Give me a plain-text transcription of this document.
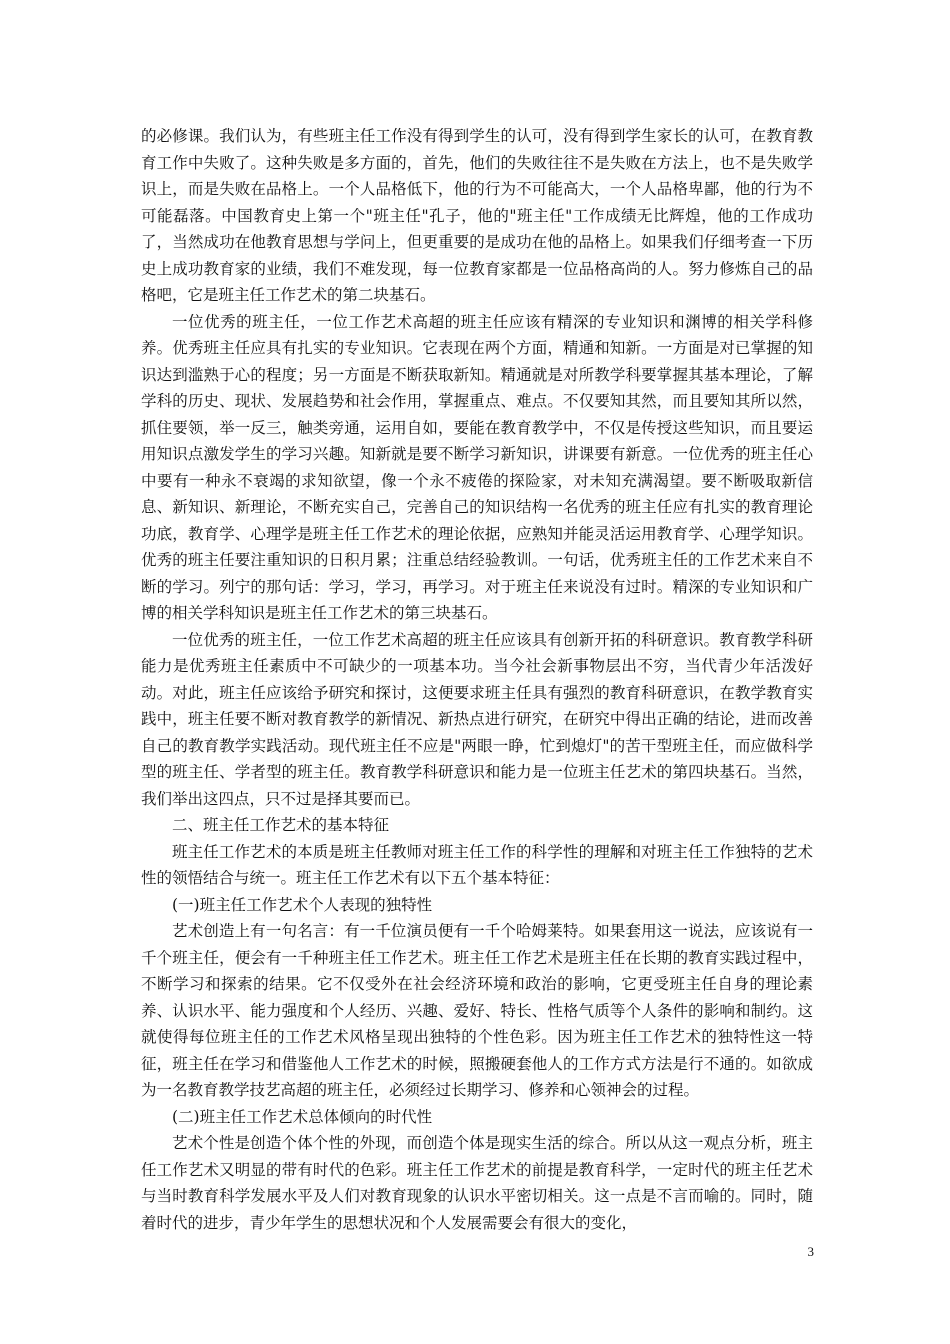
的必修课。我们认为，有些班主任工作没有得到学生的认可，没有得到学生家长的认可，在教育教育工作中失败了。这种失败是多方面的，首先，他们的失败往往不是失败在方法上，也不是失败学识上，而是失败在品格上。一个人品格低下，他的行为不可能高大，一个人品格卑鄙，他的行为不可能磊落。中国教育史上第一个"班主任"孔子，他的"班主任"工作成绩无比辉煌，他的工作成功了，当然成功在他教育思想与学问上，但更重要的是成功在他的品格上。如果我们仔细考查一下历史上成功教育家的业绩，我们不难发现，每一位教育家都是一位品格高尚的人。努力修炼自己的品格吧，它是班主任工作艺术的第二块基石。

一位优秀的班主任，一位工作艺术高超的班主任应该有精深的专业知识和渊博的相关学科修养。优秀班主任应具有扎实的专业知识。它表现在两个方面，精通和知新。一方面是对已掌握的知识达到滥熟于心的程度；另一方面是不断获取新知。精通就是对所教学科要掌握其基本理论，了解学科的历史、现状、发展趋势和社会作用，掌握重点、难点。不仅要知其然，而且要知其所以然，抓住要领，举一反三，触类旁通，运用自如，要能在教育教学中，不仅是传授这些知识，而且要运用知识点激发学生的学习兴趣。知新就是要不断学习新知识，讲课要有新意。一位优秀的班主任心中要有一种永不衰竭的求知欲望，像一个永不疲倦的探险家，对未知充满渴望。要不断吸取新信息、新知识、新理论，不断充实自己，完善自己的知识结构一名优秀的班主任应有扎实的教育理论功底，教育学、心理学是班主任工作艺术的理论依据，应熟知并能灵活运用教育学、心理学知识。优秀的班主任要注重知识的日积月累；注重总结经验教训。一句话，优秀班主任的工作艺术来自不断的学习。列宁的那句话：学习，学习，再学习。对于班主任来说没有过时。精深的专业知识和广博的相关学科知识是班主任工作艺术的第三块基石。

一位优秀的班主任，一位工作艺术高超的班主任应该具有创新开拓的科研意识。教育教学科研能力是优秀班主任素质中不可缺少的一项基本功。当今社会新事物层出不穷，当代青少年活泼好动。对此，班主任应该给予研究和探讨，这便要求班主任具有强烈的教育科研意识，在教学教育实践中，班主任要不断对教育教学的新情况、新热点进行研究，在研究中得出正确的结论，进而改善自己的教育教学实践活动。现代班主任不应是"两眼一睁，忙到熄灯"的苦干型班主任，而应做科学型的班主任、学者型的班主任。教育教学科研意识和能力是一位班主任艺术的第四块基石。当然，我们举出这四点，只不过是择其要而已。

二、班主任工作艺术的基本特征

班主任工作艺术的本质是班主任教师对班主任工作的科学性的理解和对班主任工作独特的艺术性的领悟结合与统一。班主任工作艺术有以下五个基本特征：

(一)班主任工作艺术个人表现的独特性

艺术创造上有一句名言：有一千位演员便有一千个哈姆莱特。如果套用这一说法，应该说有一千个班主任，便会有一千种班主任工作艺术。班主任工作艺术是班主任在长期的教育实践过程中，不断学习和探索的结果。它不仅受外在社会经济环境和政治的影响，它更受班主任自身的理论素养、认识水平、能力强度和个人经历、兴趣、爱好、特长、性格气质等个人条件的影响和制约。这就使得每位班主任的工作艺术风格呈现出独特的个性色彩。因为班主任工作艺术的独特性这一特征，班主任在学习和借鉴他人工作艺术的时候，照搬硬套他人的工作方式方法是行不通的。如欲成为一名教育教学技艺高超的班主任，必须经过长期学习、修养和心领神会的过程。

(二)班主任工作艺术总体倾向的时代性

艺术个性是创造个体个性的外现，而创造个体是现实生活的综合。所以从这一观点分析，班主任工作艺术又明显的带有时代的色彩。班主任工作艺术的前提是教育科学，一定时代的班主任艺术与当时教育科学发展水平及人们对教育现象的认识水平密切相关。这一点是不言而喻的。同时，随着时代的进步，青少年学生的思想状况和个人发展需要会有很大的变化，

3
